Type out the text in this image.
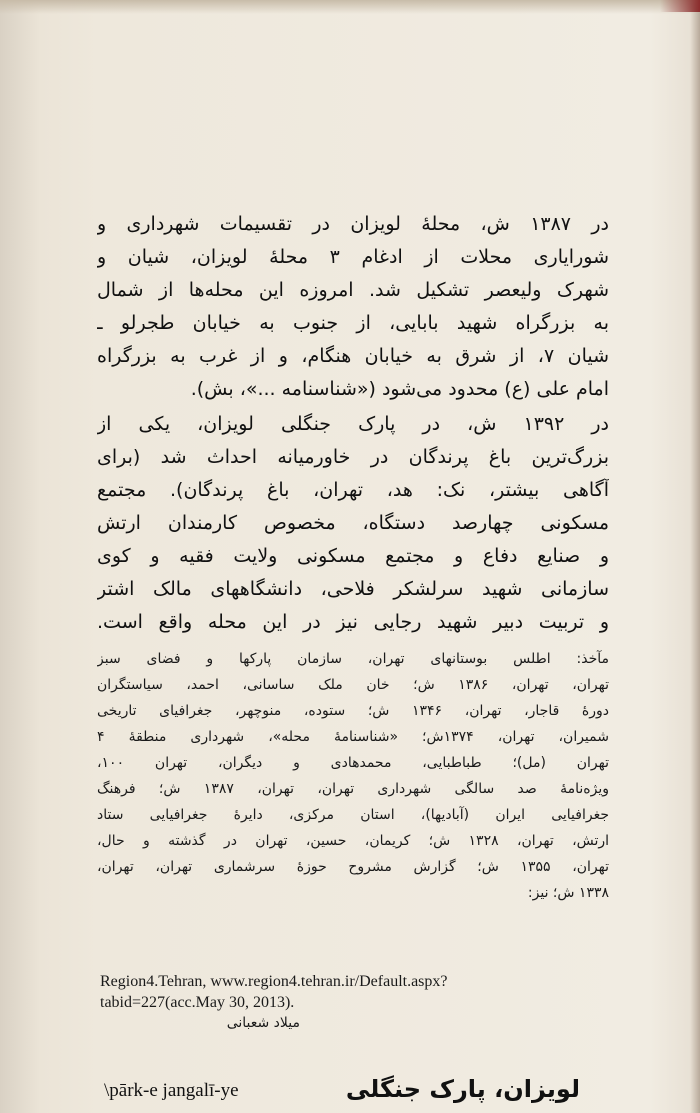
در ۱۳۸۷ ش، محلهٔ لویزان در تقسیمات شهرداری و
شورایاری محلات از ادغام ۳ محلهٔ لویزان، شیان و
شهرک ولیعصر تشکیل شد. امروزه این محله‌ها از شمال
به بزرگراه شهید بابایی، از جنوب به خیابان طجرلو ـ
شیان ۷، از شرق به خیابان هنگام، و از غرب به بزرگراه
امام علی (ع) محدود می‌شود («شناسنامه ...»، بش).
در ۱۳۹۲ ش، در پارک جنگلی لویزان، یکی از
بزرگ‌ترین باغ پرندگان در خاورمیانه احداث شد (برای
آگاهی بیشتر، نک: هد، تهران، باغ پرندگان). مجتمع
مسکونی چهارصد دستگاه، مخصوص کارمندان ارتش
و صنایع دفاع و مجتمع مسکونی ولایت فقیه و کوی
سازمانی شهید سرلشکر فلاحی، دانشگاههای مالک اشتر
و تربیت دبیر شهید رجایی نیز در این محله واقع است.
مآخذ: اطلس بوستانهای تهران، سازمان پارکها و فضای سبز
تهران، تهران، ۱۳۸۶ ش؛ خان ملک ساسانی، احمد، سیاستگران
دورهٔ قاجار، تهران، ۱۳۴۶ ش؛ ستوده، منوچهر، جغرافیای تاریخی
شمیران، تهران، ۱۳۷۴ش؛ «شناسنامهٔ محله»، شهرداری منطقهٔ ۴
تهران (مل)؛ طباطبایی، محمدهادی و دیگران، تهران ۱۰۰،
ویژه‌نامهٔ صد سالگی شهرداری تهران، تهران، ۱۳۸۷ ش؛ فرهنگ
جغرافیایی ایران (آبادیها)، استان مرکزی، دایرهٔ جغرافیایی ستاد
ارتش، تهران، ۱۳۲۸ ش؛ کریمان، حسین، تهران در گذشته و حال،
تهران، ۱۳۵۵ ش؛ گزارش مشروح حوزهٔ سرشماری تهران، تهران،
۱۳۳۸ ش؛ نیز:
Region4.Tehran, www.region4.tehran.ir/Default.aspx?
tabid=227(acc.May 30, 2013).
میلاد شعبانی
لویزان، پارک جنگلی
\pārk-e jangalī-ye
